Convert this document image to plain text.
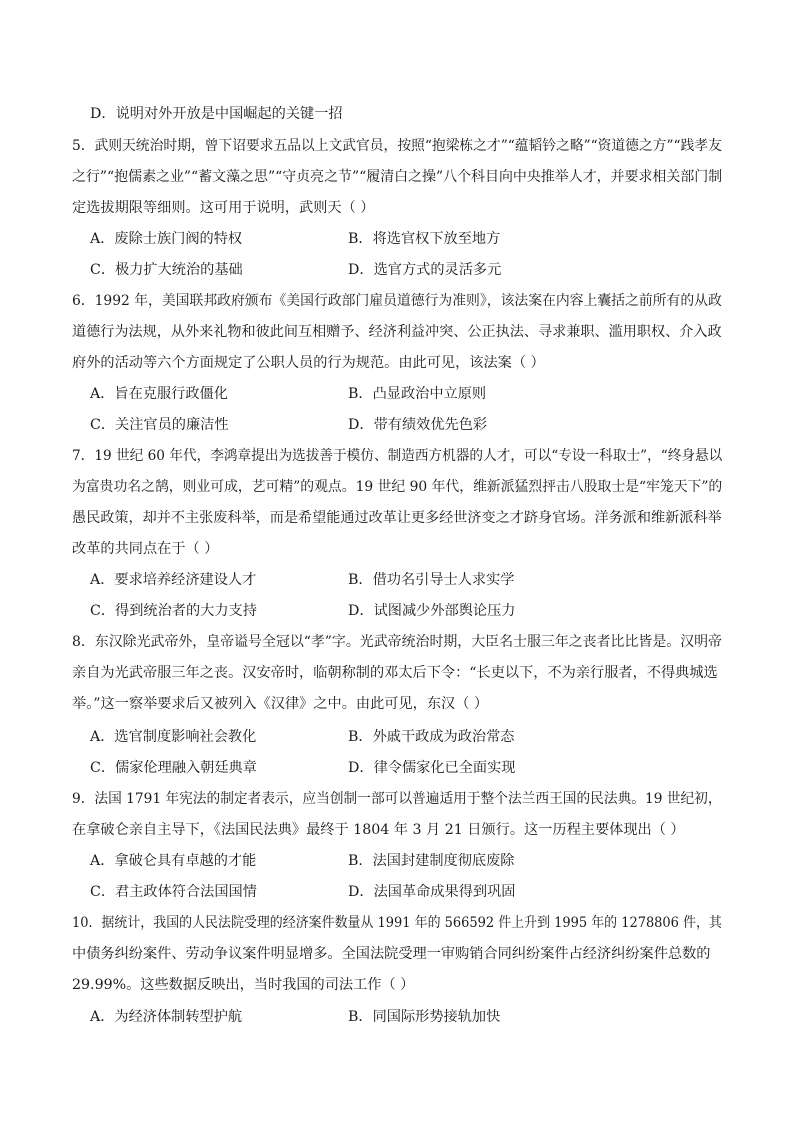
D．说明对外开放是中国崛起的关键一招
5．武则天统治时期，曾下诏要求五品以上文武官员，按照“抱梁栋之才”“蕴韬钤之略”“资道德之方”“践孝友
之行”“抱儒素之业”“蓄文藻之思”“守贞亮之节”“履清白之操”八个科目向中央推举人才，并要求相关部门制
定选拔期限等细则。这可用于说明，武则天（ ）
A．废除士族门阀的特权	B．将选官权下放至地方
C．极力扩大统治的基础	D．选官方式的灵活多元
6．1992 年，美国联邦政府颁布《美国行政部门雇员道德行为准则》，该法案在内容上囊括之前所有的从政
道德行为法规，从外来礼物和彼此间互相赠予、经济利益冲突、公正执法、寻求兼职、滥用职权、介入政
府外的活动等六个方面规定了公职人员的行为规范。由此可见，该法案（ ）
A．旨在克服行政僵化	B．凸显政治中立原则
C．关注官员的廉洁性	D．带有绩效优先色彩
7．19 世纪 60 年代，李鸿章提出为选拔善于模仿、制造西方机器的人才，可以“专设一科取士”，“终身悬以
为富贵功名之鹄，则业可成，艺可精”的观点。19 世纪 90 年代，维新派猛烈抨击八股取士是“牢笼天下”的
愚民政策，却并不主张废科举，而是希望能通过改革让更多经世济变之才跻身官场。洋务派和维新派科举
改革的共同点在于（ ）
A．要求培养经济建设人才	B．借功名引导士人求实学
C．得到统治者的大力支持	D．试图减少外部舆论压力
8．东汉除光武帝外，皇帝谥号全冠以“孝”字。光武帝统治时期，大臣名士服三年之丧者比比皆是。汉明帝
亲自为光武帝服三年之丧。汉安帝时，临朝称制的邓太后下令：“长吏以下，不为亲行服者，不得典城选
举。”这一察举要求后又被列入《汉律》之中。由此可见，东汉（ ）
A．选官制度影响社会教化	B．外戚干政成为政治常态
C．儒家伦理融入朝廷典章	D．律令儒家化已全面实现
9．法国 1791 年宪法的制定者表示，应当创制一部可以普遍适用于整个法兰西王国的民法典。19 世纪初，
在拿破仑亲自主导下，《法国民法典》最终于 1804 年 3 月 21 日颁行。这一历程主要体现出（ ）
A．拿破仑具有卓越的才能	B．法国封建制度彻底废除
C．君主政体符合法国国情	D．法国革命成果得到巩固
10．据统计，我国的人民法院受理的经济案件数量从 1991 年的 566592 件上升到 1995 年的 1278806 件，其
中债务纠纷案件、劳动争议案件明显增多。全国法院受理一审购销合同纠纷案件占经济纠纷案件总数的
29.99%。这些数据反映出，当时我国的司法工作（ ）
A．为经济体制转型护航	B．同国际形势接轨加快
